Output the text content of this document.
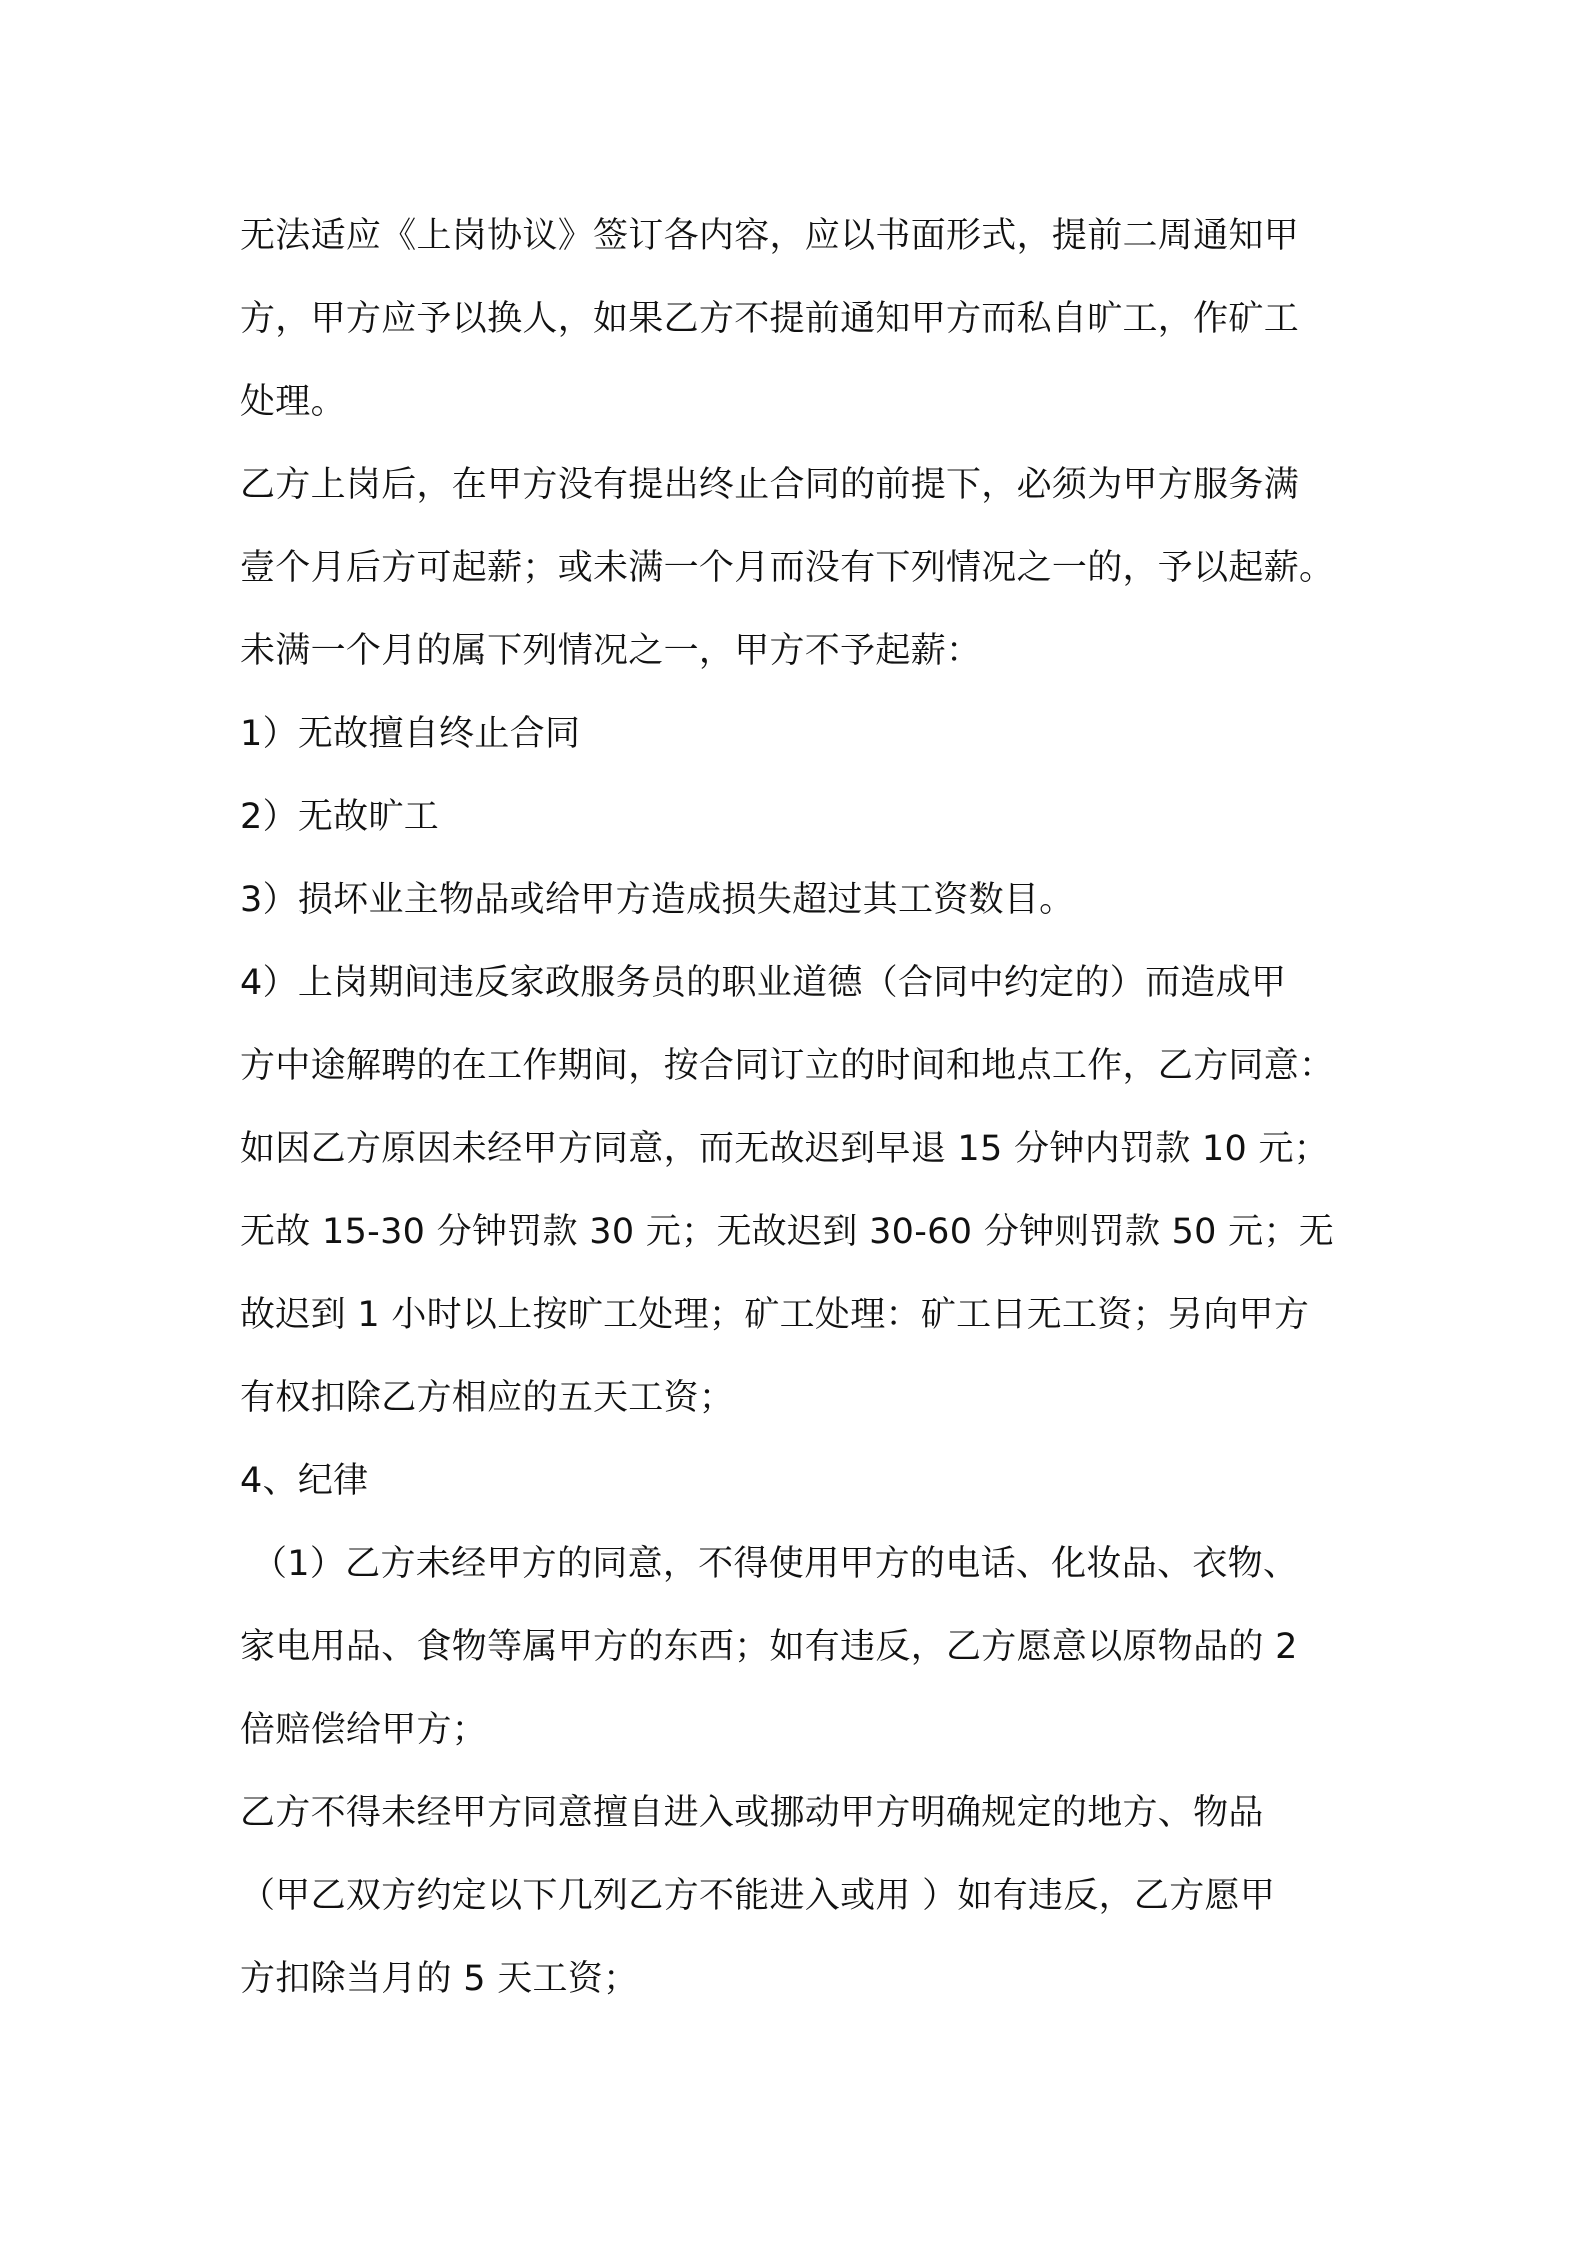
无法适应《上岗协议》签订各内容，应以书面形式，提前二周通知甲
方，甲方应予以换人，如果乙方不提前通知甲方而私自旷工，作矿工
处理。
乙方上岗后，在甲方没有提出终止合同的前提下，必须为甲方服务满
壹个月后方可起薪；或未满一个月而没有下列情况之一的，予以起薪。
未满一个月的属下列情况之一，甲方不予起薪：
1）无故擅自终止合同
2）无故旷工
3）损坏业主物品或给甲方造成损失超过其工资数目。
4）上岗期间违反家政服务员的职业道德（合同中约定的）而造成甲
方中途解聘的在工作期间，按合同订立的时间和地点工作，乙方同意：
如因乙方原因未经甲方同意，而无故迟到早退 15 分钟内罚款 10 元；
无故 15-30 分钟罚款 30 元；无故迟到 30-60 分钟则罚款 50 元；无
故迟到 1 小时以上按旷工处理；矿工处理：矿工日无工资；另向甲方
有权扣除乙方相应的五天工资；
4、纪律
（1）乙方未经甲方的同意，不得使用甲方的电话、化妆品、衣物、
家电用品、食物等属甲方的东西；如有违反，乙方愿意以原物品的 2
倍赔偿给甲方；
乙方不得未经甲方同意擅自进入或挪动甲方明确规定的地方、物品
（甲乙双方约定以下几列乙方不能进入或用 ）如有违反，乙方愿甲
方扣除当月的 5 天工资；
